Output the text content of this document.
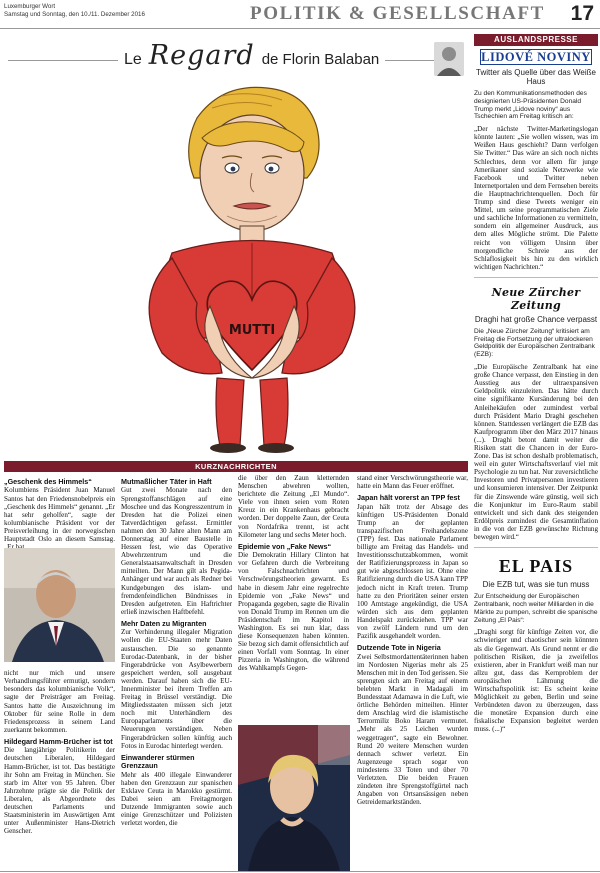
Luxemburger Wort
Samstag und Sonntag, den 10./11. Dezember 2016	POLITIK & GESELLSCHAFT 17
Le Regard de Florin Balaban
MUTTI
KURZNACHRICHTEN
„Geschenk des Himmels“

Kolumbiens Präsident Juan Manuel Santos hat den Friedensnobelpreis ein „Geschenk des Himmels“ genannt. „Er hat sehr geholfen“, sagte der kolumbianische Präsident vor der Preisverleihung in der norwegischen Hauptstadt Oslo an diesem Samstag.

nicht nur mich und unsere Verhandlungsführer ermutigt, sondern besonders das kolumbianische Volk“, sagte der Preisträger am Freitag. Santos hatte die Auszeichnung im Oktober für seine Rolle in dem Friedensprozess in seinem Land zuerkannt bekommen.

Hildegard Hamm-Brücher ist tot

Die langjährige Politikerin der deutschen Liberalen, Hildegard Hamm-Brücher, ist tot. Das bestätigte ihr Sohn am Freitag in München. Sie starb im Alter von 95 Jahren. Über Jahrzehnte prägte sie die Politik der Liberalen, als Abgeordnete des deutschen Parlaments und Staatsministerin im Auswärtigen Amt unter Außenminister Hans-Dietrich Genscher.

Mutmaßlicher Täter in Haft

Gut zwei Monate nach den Sprengstoffanschlägen auf eine Moschee und das Kongresszentrum in Dresden hat die Polizei einen Tatverdächtigen gefasst. Ermittler nahmen den 30 Jahre alten Mann am Donnerstag auf einer Baustelle in Hessen fest, wie das Operative Abwehrzentrum und die Generalstaatsanwaltschaft in Dresden mitteilten. Der Mann gilt als Pegida-Anhänger und war auch als Redner bei Kundgebungen des islam- und fremdenfeindlichen Bündnisses in Dresden aufgetreten. Ein Haftrichter erließ inzwischen Haftbefehl.

Mehr Daten zu Migranten

Zur Verhinderung illegaler Migration wollen die EU-Staaten mehr Daten austauschen. Die so genannte Eurodac-Datenbank, in der bisher Fingerabdrücke von Asylbewerbern gespeichert werden, soll ausgebaut werden. Darauf haben sich die EU-Innenminister bei ihrem Treffen am Freitag in Brüssel verständigt. Die Mitgliedsstaaten müssen sich jetzt noch mit Unterhändlern des Europaparlaments über die Neuerungen verständigen. Neben Fingerabdrücken sollen künftig auch Fotos in Eurodac hinterlegt werden.

Einwanderer stürmen Grenzzaun

Mehr als 400 illegale Einwanderer haben den Grenzzaun zur spanischen Exklave Ceuta in Marokko gestürmt. Dabei seien am Freitagmorgen Dutzende Immigranten sowie auch einige Grenzschützer und Polizisten verletzt worden, die

die über den Zaun kletternden Menschen abwehren wollten, berichtete die Zeitung „El Mundo“. Viele von ihnen seien vom Roten Kreuz in ein Krankenhaus gebracht worden. Der doppelte Zaun, der Ceuta von Nordafrika trennt, ist acht Kilometer lang und sechs Meter hoch.

Epidemie von „Fake News“

Die Demokratin Hillary Clinton hat vor Gefahren durch die Verbreitung von Falschnachrichten und Verschwörungstheorien gewarnt. Es habe in diesem Jahr eine regelrechte Epidemie von „Fake News“ und Propaganda gegeben, sagte die Rivalin von Donald Trump im Rennen um die Präsidentschaft im Kapitol in Washington. Es sei nun klar, dass diese Konsequenzen haben könnten. Sie bezog sich damit offensichtlich auf einen Vorfall vom Sonntag. In einer Pizzeria in Washington, die während des Wahlkampfs Gegen-

stand einer Verschwörungstheorie war, hatte ein Mann das Feuer eröffnet.

Japan hält vorerst an TPP fest

Japan hält trotz der Absage des künftigen US-Präsidenten Donald Trump an der geplanten transpazifischen Freihandelszone (TPP) fest. Das nationale Parlament billigte am Freitag das Handels- und Investitionsschutzabkommen, womit der Ratifizierungsprozess in Japan so gut wie abgeschlossen ist. Ohne eine Ratifizierung durch die USA kann TPP jedoch nicht in Kraft treten. Trump hatte zu den Prioritäten seiner ersten 100 Amtstage angekündigt, die USA würden sich aus dem geplanten Handelspakt zurückziehen. TPP war von zwölf Ländern rund um den Pazifik ausgehandelt worden.

Dutzende Tote in Nigeria

Zwei Selbstmordattentäterinnen haben im Nordosten Nigerias mehr als 25 Menschen mit in den Tod gerissen. Sie sprengten sich am Freitag auf einem belebten Markt in Madagali im Bundesstaat Adamawa in die Luft, wie örtliche Behörden mitteilten. Hinter dem Anschlag wird die islamistische Terrormiliz Boko Haram vermutet. „Mehr als 25 Leichen wurden weggetragen“, sagte ein Bewohner. Rund 20 weitere Menschen wurden dennach schwer verletzt. Ein Augenzeuge sprach sogar von mindestens 33 Toten und über 70 Verletzten. Die beiden Frauen zündeten ihre Sprengstoffgürtel nach Angaben von Ortsansässigen neben Getreidemarktständen.

AUSLANDSPRESSE
LIDOVÉ NOVINY
Twitter als Quelle über das Weiße Haus
Zu den Kommunikationsmethoden des designierten US-Präsidenten Donald Trump merkt „Lidove noviny“ aus Tschechien am Freitag kritisch an:
„Der nächste Twitter-Marketingslogan könnte lauten: „Sie wollen wissen, was im Weißen Haus geschieht? Dann verfolgen Sie Twitter.“ Das wäre an sich noch nichts Schlechtes, denn vor allem für junge Amerikaner sind soziale Netzwerke wie Facebook und Twitter neben Internetportalen und dem Fernsehen bereits die Hauptnachrichtenquellen. Doch für Trump sind diese Tweets weniger ein Mittel, um seine programmatischen Ziele und sachliche Informationen zu vermitteln, sondern ein allgemeiner Ausdruck, aus dem alles Mögliche strömt. Die Palette reicht von völligem Unsinn über morgendliche Schreie aus der Schlaflosigkeit bis hin zu den wirklich wichtigen Nachrichten.“
Neue Zürcher Zeitung
Draghi hat große Chance verpasst
Die „Neue Zürcher Zeitung“ kritisiert am Freitag die Fortsetzung der ultralockeren Geldpolitik der Europäischen Zentralbank (EZB):
„Die Europäische Zentralbank hat eine große Chance verpasst, den Einstieg in den Ausstieg aus der ultraexpansiven Geldpolitik einzuleiten. Das hätte durch eine signifikante Kursänderung bei den Anleihekäufen oder zumindest verbal durch Präsident Mario Draghi geschehen können. Stattdessen verlängert die EZB das Kaufprogramm über den März 2017 hinaus (...). Draghi betont damit weiter die Risiken statt die Chancen in der Euro-Zone. Das ist schon deshalb problematisch, weil ein guter Wirtschaftsverlauf viel mit Psychologie zu tun hat. Nur zuversichtliche Investoren und Privatpersonen investieren und konsumieren intensiver. Der Zeitpunkt für die Zinswende wäre günstig, weil sich die Konjunktur im Euro-Raum stabil entwickelt und sich dank des steigenden Erdölpreis zumindest die Gesamtinflation in die von der EZB gewünschte Richtung bewegen wird.“
EL PAIS
Die EZB tut, was sie tun muss
Zur Entscheidung der Europäischen Zentralbank, noch weiter Milliarden in die Märkte zu pumpen, schreibt die spanische Zeitung „El Pais“:
„Draghi sorgt für künftige Zeiten vor, die schwieriger und chaotischer sein könnten als die Gegenwart. Als Grund nennt er die politischen Risiken, die ja zweifellos existieren, aber in Frankfurt weiß man nur allzu gut, dass das Kernproblem der europäischen Lähmung die Wirtschaftspolitik ist: Es scheint keine Möglichkeit zu geben, Berlin und seine Verbündeten davon zu überzeugen, dass die monetäre Expansion durch eine fiskalische Expansion begleitet werden muss. (...)“
